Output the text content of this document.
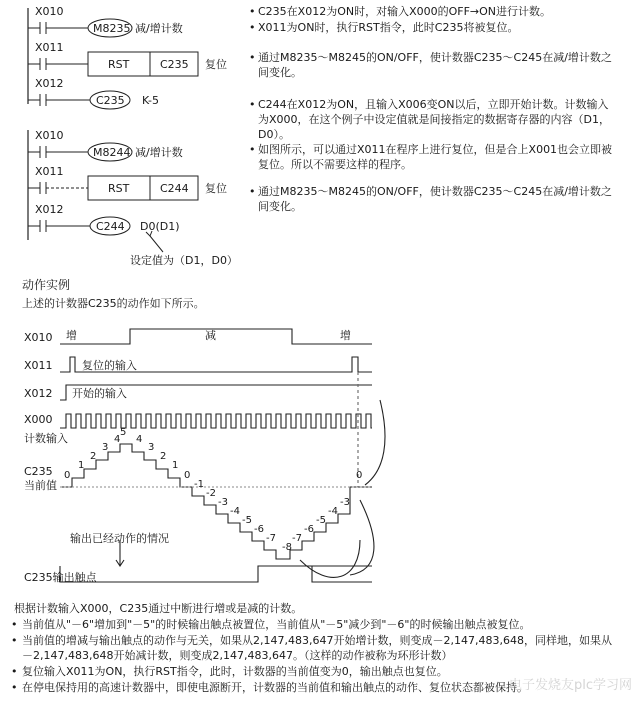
X010
M8235 减/增计数
X011
RST	C235 复位
X012
C235 K-5
X010
M8244 减/增计数
X011
RST	C244 复位
X012
C244 D0(D1)
设定值为（D1，D0）
• C235在X012为ON时，对输入X000的OFF→ON进行计数。
• X011为ON时，执行RST指令，此时C235将被复位。
• 通过M8235～M8245的ON/OFF，使计数器C235～C245在减/增计数之间变化。
• C244在X012为ON，且输入X006变ON以后，立即开始计数。计数输入为X000，在这个例子中设定值就是间接指定的数据寄存器的内容（D1，D0）。
• 如图所示，可以通过X011在程序上进行复位，但是合上X001也会立即被复位。所以不需要这样的程序。
• 通过M8235～M8245的ON/OFF，使计数器C235～C245在减/增计数之间变化。
动作实例
上述的计数器C235的动作如下所示。
X010 增	减	增
X011	复位的输入
X012 开始的输入
X000
计数输入
C235
当前值
0
1
2
3
4
5
4
3
2
1
0
-1
-2
-3
-4
-5
-6
-7
-8
-7
-6
-5
-4
-3
0
输出已经动作的情况
C235输出触点
根据计数输入X000，C235通过中断进行增或是减的计数。
• 当前值从"－6"增加到"－5"的时候输出触点被置位，当前值从"－5"减少到"－6"的时候输出触点被复位。
• 当前值的增减与输出触点的动作与无关，如果从2,147,483,647开始增计数，则变成－2,147,483,648，同样地，如果从－2,147,483,648开始减计数，则变成2,147,483,647。（这样的动作被称为环形计数）
• 复位输入X011为ON，执行RST指令，此时，计数器的当前值变为0，输出触点也复位。
• 在停电保持用的高速计数器中，即使电源断开，计数器的当前值和输出触点的动作、复位状态都被保持。
电子发烧友plc学习网
